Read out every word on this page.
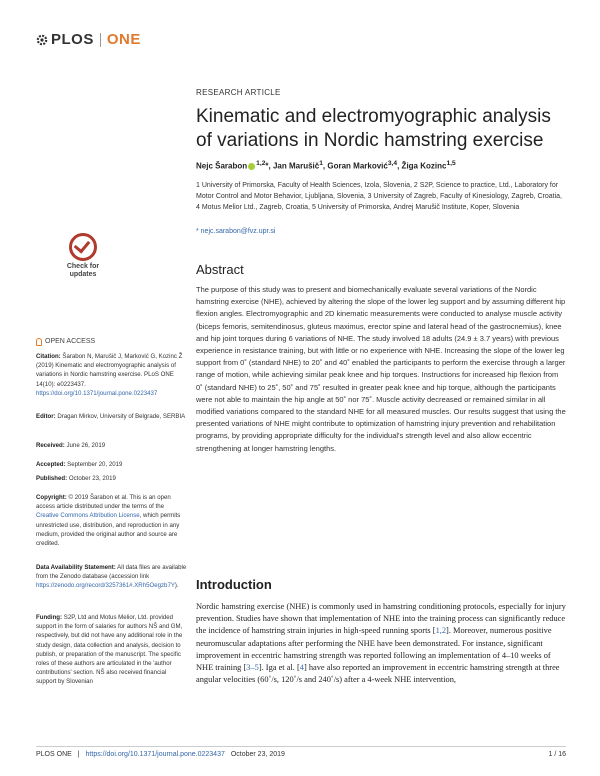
PLOS ONE
RESEARCH ARTICLE
Kinematic and electromyographic analysis of variations in Nordic hamstring exercise
Nejc Šarabon $^{1,2}$*, Jan Marušič$^1$, Goran Marković$^{3,4}$, Žiga Kozinc$^{1,5}$
1 University of Primorska, Faculty of Health Sciences, Izola, Slovenia, 2 S2P, Science to practice, Ltd., Laboratory for Motor Control and Motor Behavior, Ljubljana, Slovenia, 3 University of Zagreb, Faculty of Kinesiology, Zagreb, Croatia, 4 Motus Melior Ltd., Zagreb, Croatia, 5 University of Primorska, Andrej Marušič Institute, Koper, Slovenia
* nejc.sarabon@fvz.upr.si
Abstract
The purpose of this study was to present and biomechanically evaluate several variations of the Nordic hamstring exercise (NHE), achieved by altering the slope of the lower leg support and by assuming different hip flexion angles. Electromyographic and 2D kinematic measurements were conducted to analyse muscle activity (biceps femoris, semitendinosus, gluteus maximus, erector spine and lateral head of the gastrocnemius), knee and hip joint torques during 6 variations of NHE. The study involved 18 adults (24.9 ± 3.7 years) with previous experience in resistance training, but with little or no experience with NHE. Increasing the slope of the lower leg support from 0˚ (standard NHE) to 20˚ and 40˚ enabled the participants to perform the exercise through a larger range of motion, while achieving similar peak knee and hip torques. Instructions for increased hip flexion from 0˚ (standard NHE) to 25˚, 50˚ and 75˚ resulted in greater peak knee and hip torque, although the participants were not able to maintain the hip angle at 50˚ nor 75˚. Muscle activity decreased or remained similar in all modified variations compared to the standard NHE for all measured muscles. Our results suggest that using the presented variations of NHE might contribute to optimization of hamstring injury prevention and rehabilitation programs, by providing appropriate difficulty for the individual's strength level and also allow eccentric strengthening at longer hamstring lengths.
Introduction
Nordic hamstring exercise (NHE) is commonly used in hamstring conditioning protocols, especially for injury prevention. Studies have shown that implementation of NHE into the training process can significantly reduce the incidence of hamstring strain injuries in high-speed running sports [1,2]. Moreover, numerous positive neuromuscular adaptations after performing the NHE have been demonstrated. For instance, significant improvement in eccentric hamstring strength was reported following an implementation of 4–10 weeks of NHE training [3–5]. Iga et al. [4] have also reported an improvement in eccentric hamstring strength at three angular velocities (60˚/s, 120˚/s and 240˚/s) after a 4-week NHE intervention,
Check for
updates
OPEN ACCESS
Citation: Šarabon N, Marušič J, Marković G, Kozinc Ž (2019) Kinematic and electromyographic analysis of variations in Nordic hamstring exercise. PLoS ONE 14(10): e0223437. https://doi.org/10.1371/journal.pone.0223437
Editor: Dragan Mirkov, University of Belgrade, SERBIA
Received: June 26, 2019
Accepted: September 20, 2019
Published: October 23, 2019
Copyright: © 2019 Šarabon et al. This is an open access article distributed under the terms of the Creative Commons Attribution License, which permits unrestricted use, distribution, and reproduction in any medium, provided the original author and source are credited.
Data Availability Statement: All data files are available from the Zenodo database (accession link https://zenodo.org/record/3257361#.XRh5Oegzb7Y).
Funding: S2P, Ltd and Motus Melior, Ltd. provided support in the form of salaries for authors NŠ and GM, respectively, but did not have any additional role in the study design, data collection and analysis, decision to publish, or preparation of the manuscript. The specific roles of these authors are articulated in the 'author contributions' section. NŠ also received financial support by Slovenian
PLOS ONE | https://doi.org/10.1371/journal.pone.0223437 October 23, 2019	1 / 16
